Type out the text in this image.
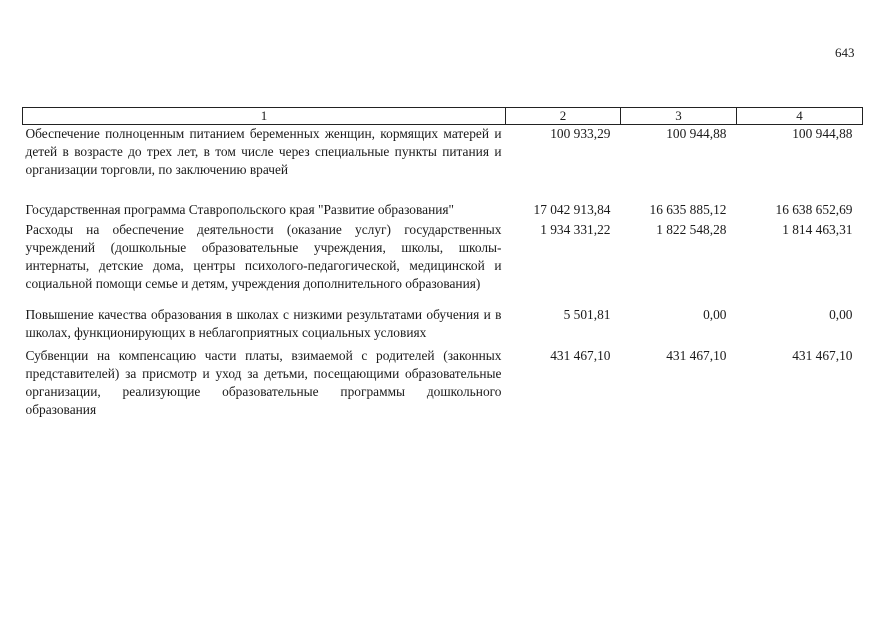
643
1	2	3	4
Обеспечение полноценным питанием беременных женщин, кормящих матерей и детей в возрасте до трех лет, в том числе через специальные пункты питания и организации торговли, по заключению врачей	100 933,29	100 944,88	100 944,88
Государственная программа Ставропольского края "Развитие образования"	17 042 913,84	16 635 885,12	16 638 652,69
Расходы на обеспечение деятельности (оказание услуг) государственных учреждений (дошкольные образовательные учреждения, школы, школы-интернаты, детские дома, центры психолого-педагогической, медицинской и социальной помощи семье и детям, учреждения дополнительного образования)	1 934 331,22	1 822 548,28	1 814 463,31
Повышение качества образования в школах с низкими результатами обучения и в школах, функционирующих в неблагоприятных социальных условиях	5 501,81	0,00	0,00
Субвенции на компенсацию части платы, взимаемой с родителей (законных представителей) за присмотр и уход за детьми, посещающими образовательные организации, реализующие образовательные программы дошкольного образования	431 467,10	431 467,10	431 467,10
